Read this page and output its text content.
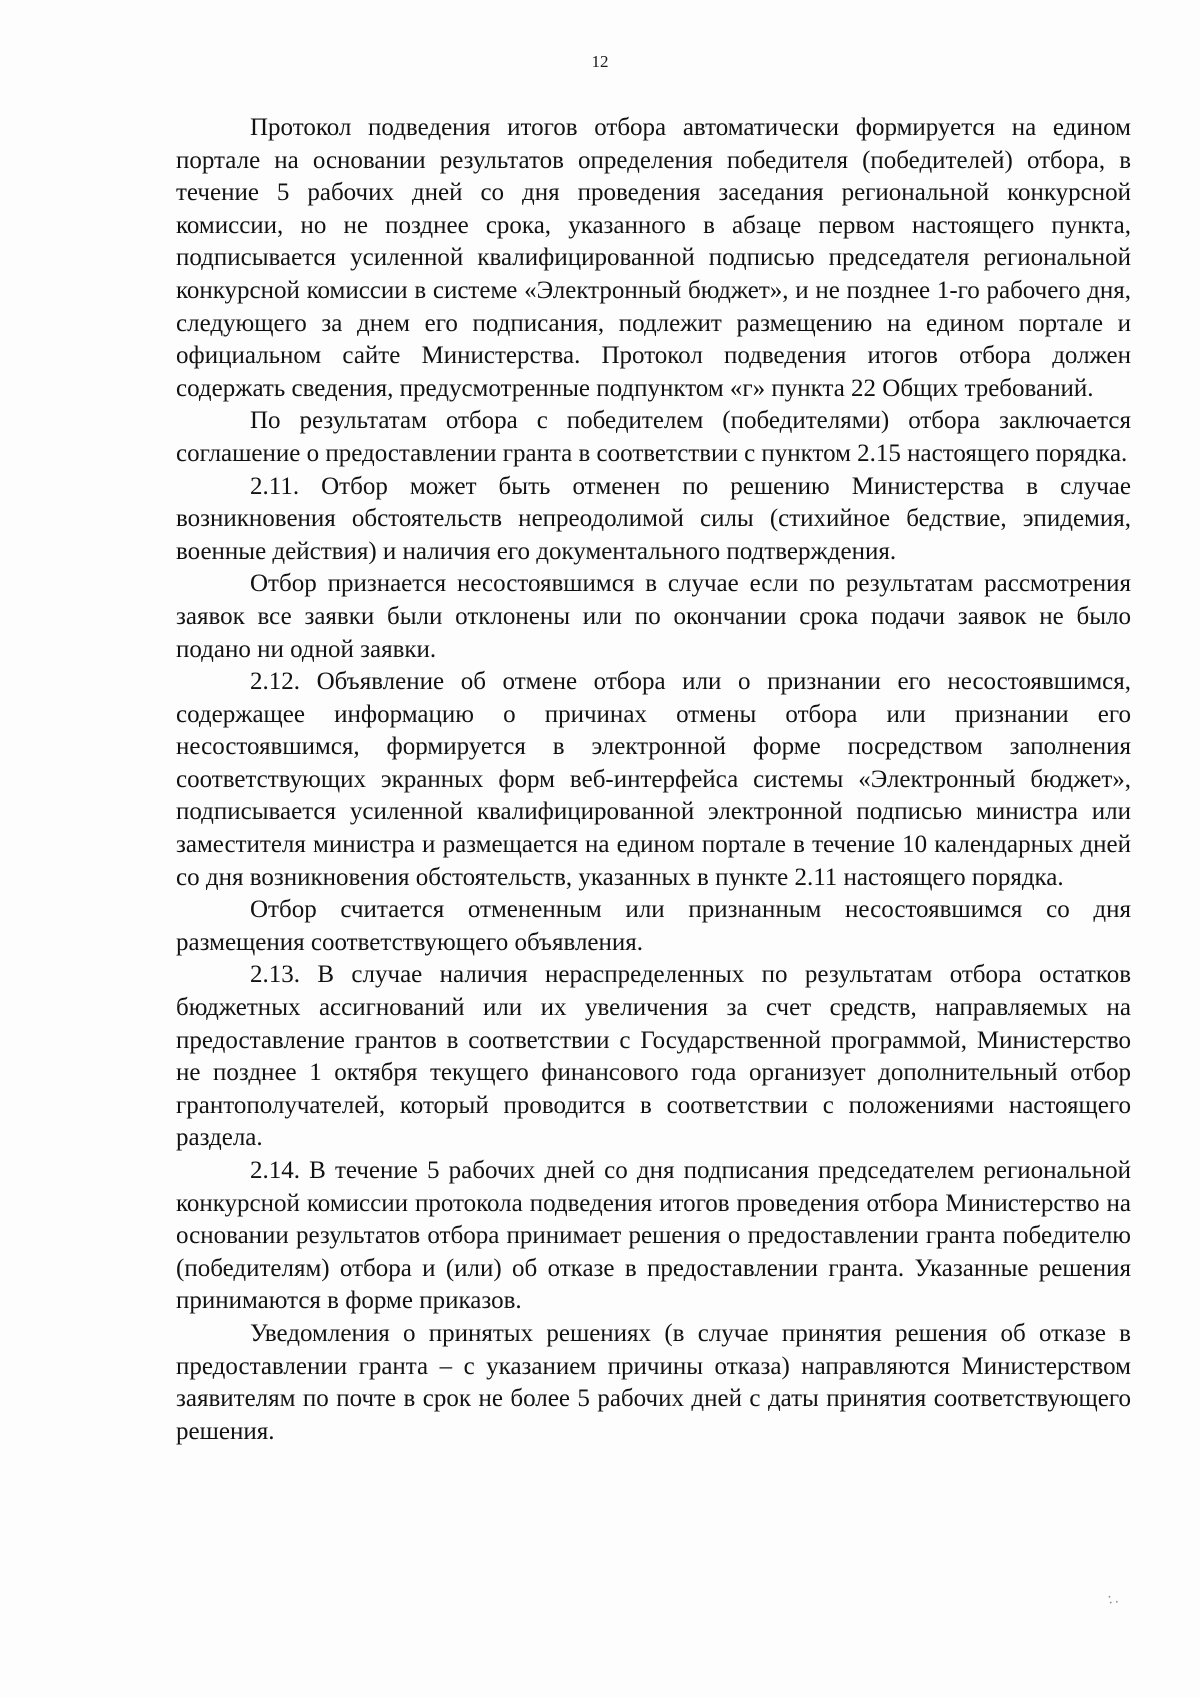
12

Протокол подведения итогов отбора автоматически формируется на едином портале на основании результатов определения победителя (победителей) отбора, в течение 5 рабочих дней со дня проведения заседания региональной конкурсной комиссии, но не позднее срока, указанного в абзаце первом настоящего пункта, подписывается усиленной квалифицированной подписью председателя региональной конкурсной комиссии в системе «Электронный бюджет», и не позднее 1-го рабочего дня, следующего за днем его подписания, подлежит размещению на едином портале и официальном сайте Министерства. Протокол подведения итогов отбора должен содержать сведения, предусмотренные подпунктом «г» пункта 22 Общих требований.

По результатам отбора с победителем (победителями) отбора заключается соглашение о предоставлении гранта в соответствии с пунктом 2.15 настоящего порядка.

2.11. Отбор может быть отменен по решению Министерства в случае возникновения обстоятельств непреодолимой силы (стихийное бедствие, эпидемия, военные действия) и наличия его документального подтверждения.

Отбор признается несостоявшимся в случае если по результатам рассмотрения заявок все заявки были отклонены или по окончании срока подачи заявок не было подано ни одной заявки.

2.12. Объявление об отмене отбора или о признании его несостоявшимся, содержащее информацию о причинах отмены отбора или признании его несостоявшимся, формируется в электронной форме посредством заполнения соответствующих экранных форм веб-интерфейса системы «Электронный бюджет», подписывается усиленной квалифицированной электронной подписью министра или заместителя министра и размещается на едином портале в течение 10 календарных дней со дня возникновения обстоятельств, указанных в пункте 2.11 настоящего порядка.

Отбор считается отмененным или признанным несостоявшимся со дня размещения соответствующего объявления.

2.13. В случае наличия нераспределенных по результатам отбора остатков бюджетных ассигнований или их увеличения за счет средств, направляемых на предоставление грантов в соответствии с Государственной программой, Министерство не позднее 1 октября текущего финансового года организует дополнительный отбор грантополучателей, который проводится в соответствии с положениями настоящего раздела.

2.14. В течение 5 рабочих дней со дня подписания председателем региональной конкурсной комиссии протокола подведения итогов проведения отбора Министерство на основании результатов отбора принимает решения о предоставлении гранта победителю (победителям) отбора и (или) об отказе в предоставлении гранта. Указанные решения принимаются в форме приказов.

Уведомления о принятых решениях (в случае принятия решения об отказе в предоставлении гранта – с указанием причины отказа) направляются Министерством заявителям по почте в срок не более 5 рабочих дней с даты принятия соответствующего решения.

·.·
